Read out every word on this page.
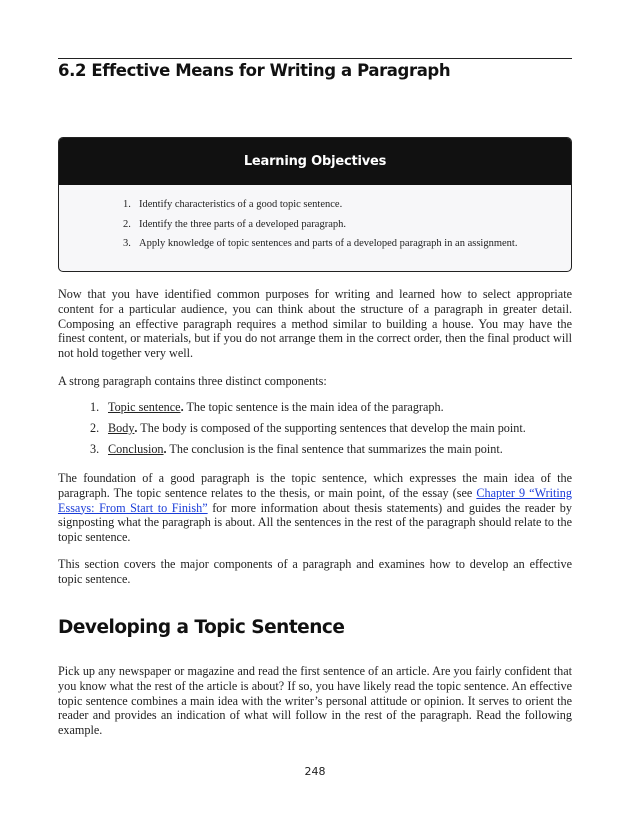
6.2 Effective Means for Writing a Paragraph
Learning Objectives
1. Identify characteristics of a good topic sentence.
2. Identify the three parts of a developed paragraph.
3. Apply knowledge of topic sentences and parts of a developed paragraph in an assignment.

Now that you have identified common purposes for writing and learned how to select appropriate content for a particular audience, you can think about the structure of a paragraph in greater detail. Composing an effective paragraph requires a method similar to building a house. You may have the finest content, or materials, but if you do not arrange them in the correct order, then the final product will not hold together very well.

A strong paragraph contains three distinct components:

1. Topic sentence. The topic sentence is the main idea of the paragraph.
2. Body. The body is composed of the supporting sentences that develop the main point.
3. Conclusion. The conclusion is the final sentence that summarizes the main point.

The foundation of a good paragraph is the topic sentence, which expresses the main idea of the paragraph. The topic sentence relates to the thesis, or main point, of the essay (see Chapter 9 “Writing Essays: From Start to Finish” for more information about thesis statements) and guides the reader by signposting what the paragraph is about. All the sentences in the rest of the paragraph should relate to the topic sentence.

This section covers the major components of a paragraph and examines how to develop an effective topic sentence.

Developing a Topic Sentence

Pick up any newspaper or magazine and read the first sentence of an article. Are you fairly confident that you know what the rest of the article is about? If so, you have likely read the topic sentence. An effective topic sentence combines a main idea with the writer’s personal attitude or opinion. It serves to orient the reader and provides an indication of what will follow in the rest of the paragraph. Read the following example.

248
